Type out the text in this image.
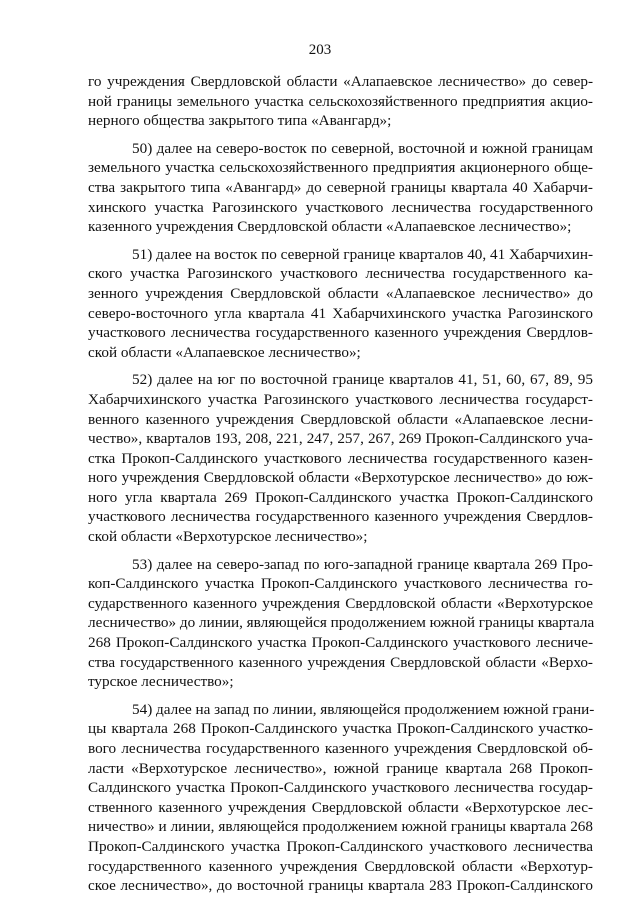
203
го учреждения Свердловской области «Алапаевское лесничество» до север-
ной границы земельного участка сельскохозяйственного предприятия акцио-
нерного общества закрытого типа «Авангард»;
50) далее на северо-восток по северной, восточной и южной границам
земельного участка сельскохозяйственного предприятия акционерного обще-
ства закрытого типа «Авангард» до северной границы квартала 40 Хабарчи-
хинского участка Рагозинского участкового лесничества государственного
казенного учреждения Свердловской области «Алапаевское лесничество»;
51) далее на восток по северной границе кварталов 40, 41 Хабарчихин-
ского участка Рагозинского участкового лесничества государственного ка-
зенного учреждения Свердловской области «Алапаевское лесничество» до
северо-восточного угла квартала 41 Хабарчихинского участка Рагозинского
участкового лесничества государственного казенного учреждения Свердлов-
ской области «Алапаевское лесничество»;
52) далее на юг по восточной границе кварталов 41, 51, 60, 67, 89, 95
Хабарчихинского участка Рагозинского участкового лесничества государст-
венного казенного учреждения Свердловской области «Алапаевское лесни-
чество», кварталов 193, 208, 221, 247, 257, 267, 269 Прокоп-Салдинского уча-
стка Прокоп-Салдинского участкового лесничества государственного казен-
ного учреждения Свердловской области «Верхотурское лесничество» до юж-
ного угла квартала 269 Прокоп-Салдинского участка Прокоп-Салдинского
участкового лесничества государственного казенного учреждения Свердлов-
ской области «Верхотурское лесничество»;
53) далее на северо-запад по юго-западной границе квартала 269 Про-
коп-Салдинского участка Прокоп-Салдинского участкового лесничества го-
сударственного казенного учреждения Свердловской области «Верхотурское
лесничество» до линии, являющейся продолжением южной границы квартала
268 Прокоп-Салдинского участка Прокоп-Салдинского участкового лесниче-
ства государственного казенного учреждения Свердловской области «Верхо-
турское лесничество»;
54) далее на запад по линии, являющейся продолжением южной грани-
цы квартала 268 Прокоп-Салдинского участка Прокоп-Салдинского участко-
вого лесничества государственного казенного учреждения Свердловской об-
ласти «Верхотурское лесничество», южной границе квартала 268 Прокоп-
Салдинского участка Прокоп-Салдинского участкового лесничества государ-
ственного казенного учреждения Свердловской области «Верхотурское лес-
ничество» и линии, являющейся продолжением южной границы квартала 268
Прокоп-Салдинского участка Прокоп-Салдинского участкового лесничества
государственного казенного учреждения Свердловской области «Верхотур-
ское лесничество», до восточной границы квартала 283 Прокоп-Салдинского
